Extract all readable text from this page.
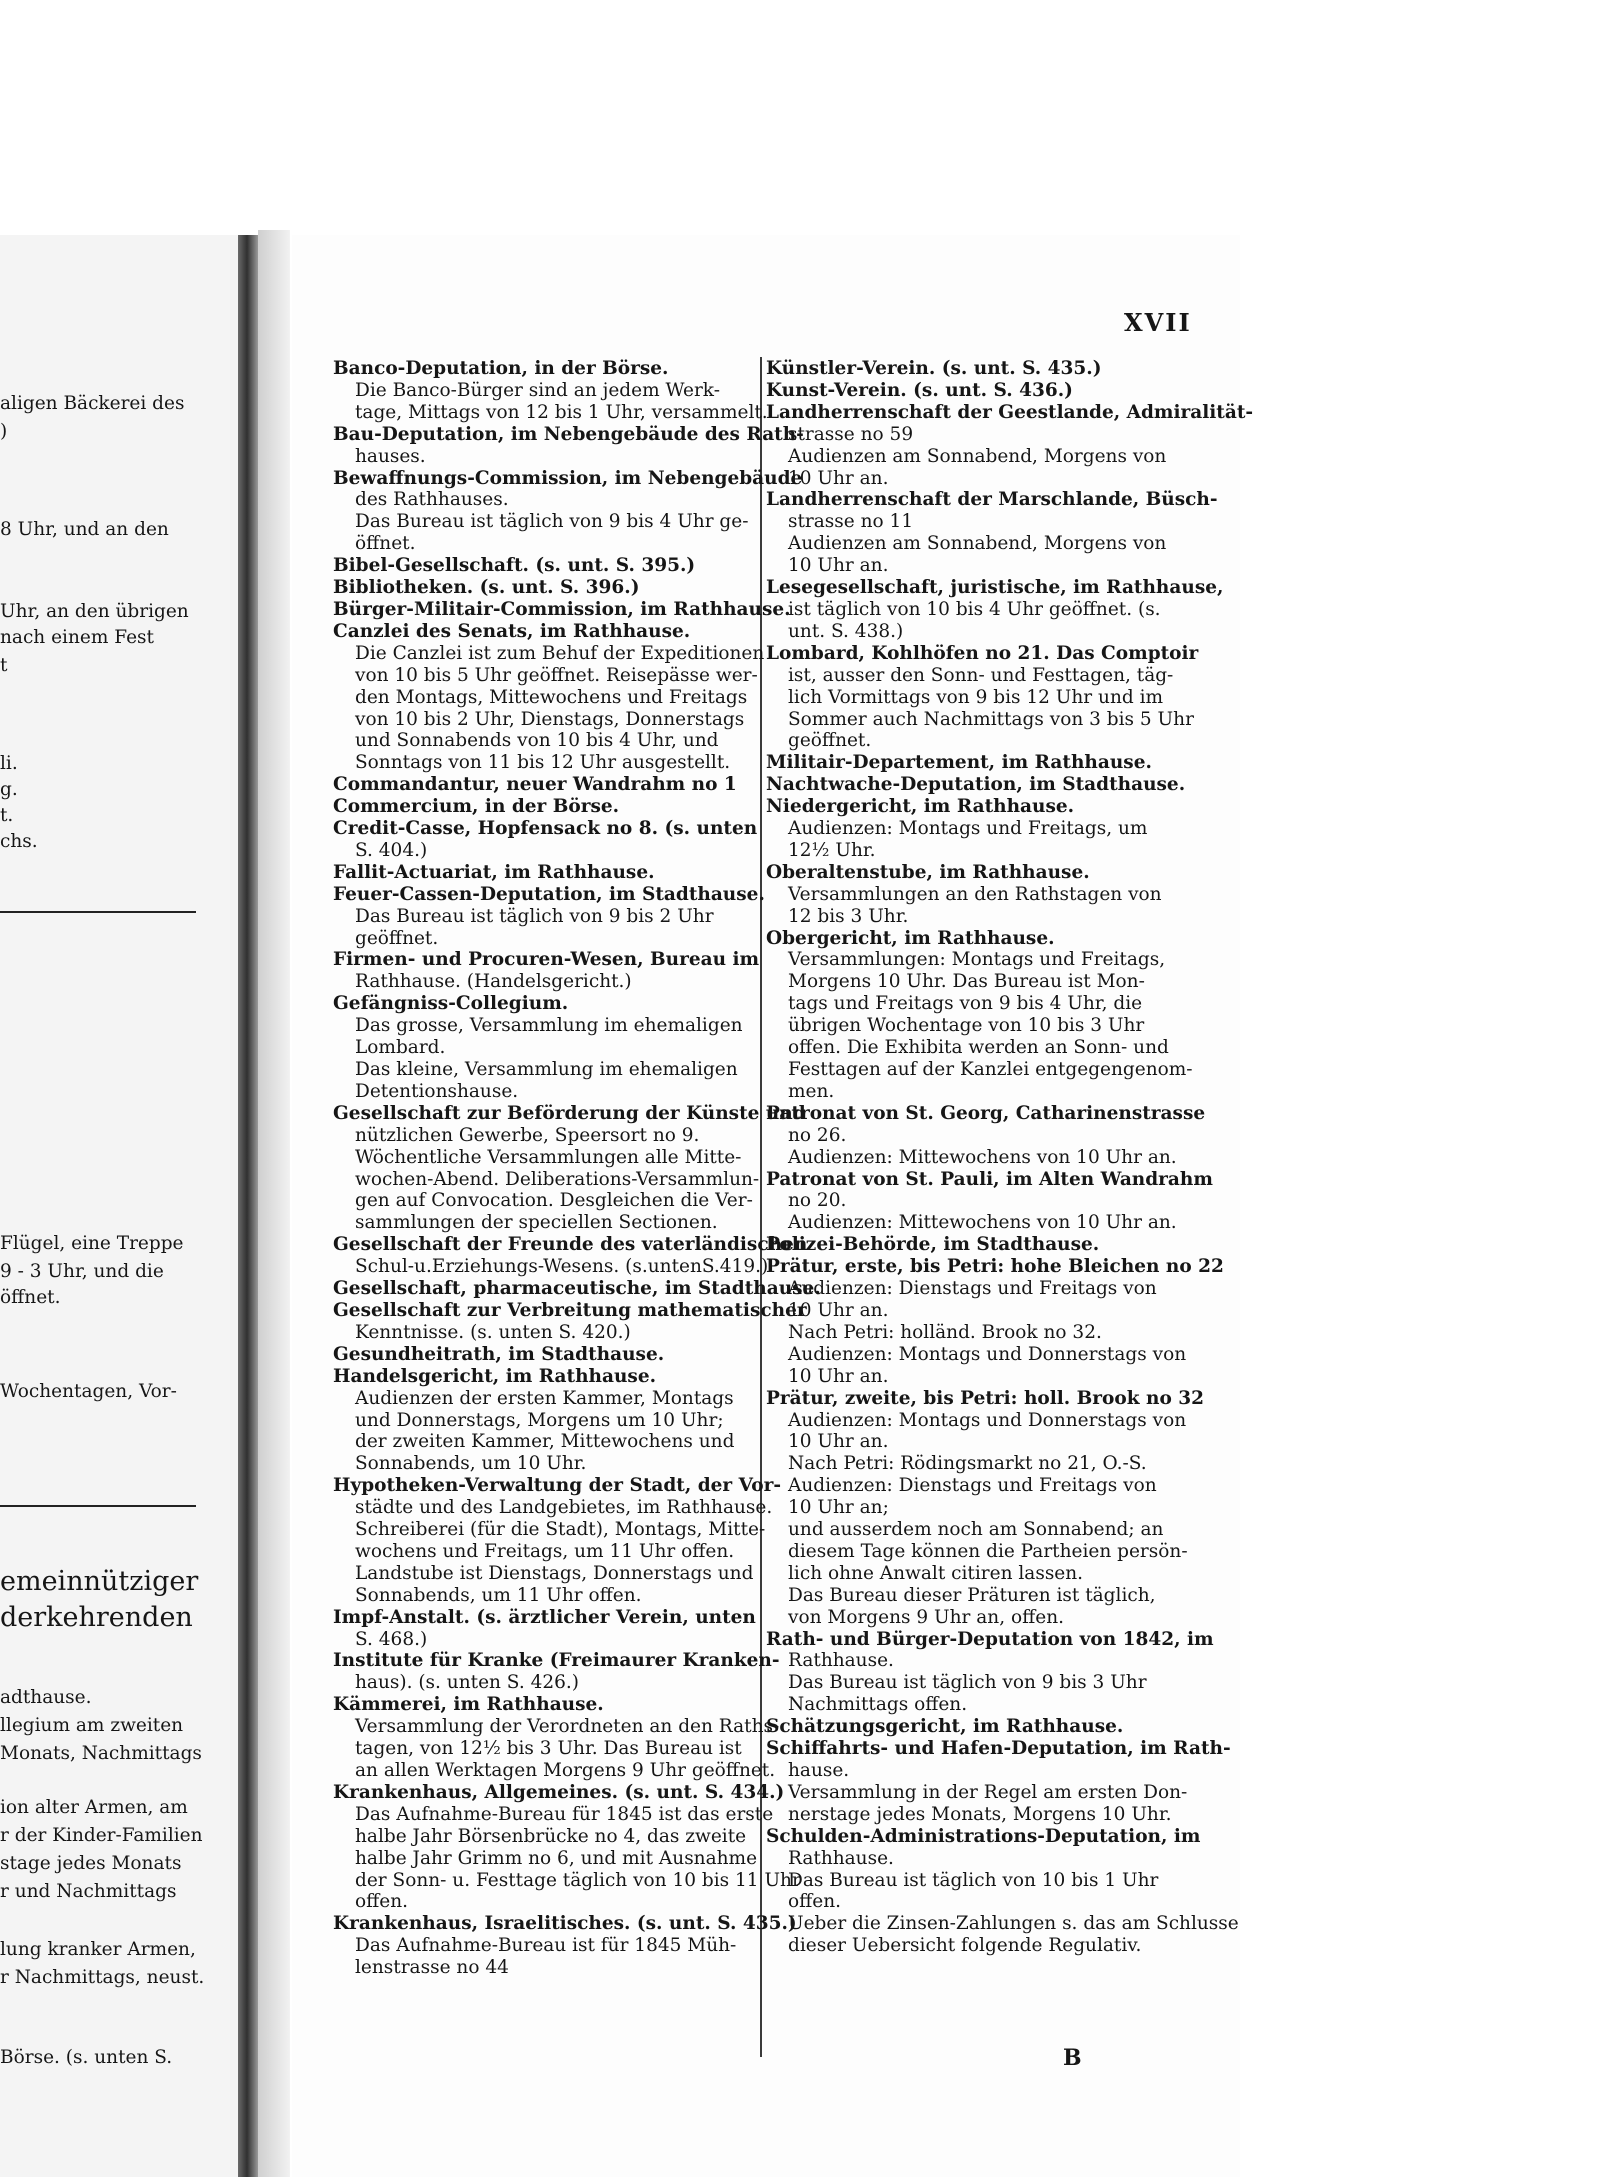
aligen Bäckerei des
)
8 Uhr, und an den
Uhr, an den übrigen
nach einem Fest
t
li.
g.
t.
chs.
Flügel, eine Treppe
9 - 3 Uhr, und die
öffnet.
Wochentagen, Vor-
emeinnütziger
derkehrenden
adthause.
llegium am zweiten
Monats, Nachmittags
ion alter Armen, am
r der Kinder-Familien
stage jedes Monats
r und Nachmittags
lung kranker Armen,
r Nachmittags, neust.
Börse. (s. unten S.
XVII
Banco-Deputation, in der Börse.
Die Banco-Bürger sind an jedem Werk-
tage, Mittags von 12 bis 1 Uhr, versammelt.
Bau-Deputation, im Nebengebäude des Rath-
hauses.
Bewaffnungs-Commission, im Nebengebäude
des Rathhauses.
Das Bureau ist täglich von 9 bis 4 Uhr ge-
öffnet.
Bibel-Gesellschaft. (s. unt. S. 395.)
Bibliotheken. (s. unt. S. 396.)
Bürger-Militair-Commission, im Rathhause.
Canzlei des Senats, im Rathhause.
Die Canzlei ist zum Behuf der Expeditionen
von 10 bis 5 Uhr geöffnet. Reisepässe wer-
den Montags, Mittewochens und Freitags
von 10 bis 2 Uhr, Dienstags, Donnerstags
und Sonnabends von 10 bis 4 Uhr, und
Sonntags von 11 bis 12 Uhr ausgestellt.
Commandantur, neuer Wandrahm no 1
Commercium, in der Börse.
Credit-Casse, Hopfensack no 8. (s. unten
S. 404.)
Fallit-Actuariat, im Rathhause.
Feuer-Cassen-Deputation, im Stadthause.
Das Bureau ist täglich von 9 bis 2 Uhr
geöffnet.
Firmen- und Procuren-Wesen, Bureau im
Rathhause. (Handelsgericht.)
Gefängniss-Collegium.
Das grosse, Versammlung im ehemaligen
Lombard.
Das kleine, Versammlung im ehemaligen
Detentionshause.
Gesellschaft zur Beförderung der Künste und
nützlichen Gewerbe, Speersort no 9.
Wöchentliche Versammlungen alle Mitte-
wochen-Abend. Deliberations-Versammlun-
gen auf Convocation. Desgleichen die Ver-
sammlungen der speciellen Sectionen.
Gesellschaft der Freunde des vaterländischen
Schul-u.Erziehungs-Wesens. (s.untenS.419.)
Gesellschaft, pharmaceutische, im Stadthause.
Gesellschaft zur Verbreitung mathematischer
Kenntnisse. (s. unten S. 420.)
Gesundheitrath, im Stadthause.
Handelsgericht, im Rathhause.
Audienzen der ersten Kammer, Montags
und Donnerstags, Morgens um 10 Uhr;
der zweiten Kammer, Mittewochens und
Sonnabends, um 10 Uhr.
Hypotheken-Verwaltung der Stadt, der Vor-
städte und des Landgebietes, im Rathhause.
Schreiberei (für die Stadt), Montags, Mitte-
wochens und Freitags, um 11 Uhr offen.
Landstube ist Dienstags, Donnerstags und
Sonnabends, um 11 Uhr offen.
Impf-Anstalt. (s. ärztlicher Verein, unten
S. 468.)
Institute für Kranke (Freimaurer Kranken-
haus). (s. unten S. 426.)
Kämmerei, im Rathhause.
Versammlung der Verordneten an den Raths-
tagen, von 12½ bis 3 Uhr. Das Bureau ist
an allen Werktagen Morgens 9 Uhr geöffnet.
Krankenhaus, Allgemeines. (s. unt. S. 434.)
Das Aufnahme-Bureau für 1845 ist das erste
halbe Jahr Börsenbrücke no 4, das zweite
halbe Jahr Grimm no 6, und mit Ausnahme
der Sonn- u. Festtage täglich von 10 bis 11 Uhr
offen.
Krankenhaus, Israelitisches. (s. unt. S. 435.)
Das Aufnahme-Bureau ist für 1845 Müh-
lenstrasse no 44
Künstler-Verein. (s. unt. S. 435.)
Kunst-Verein. (s. unt. S. 436.)
Landherrenschaft der Geestlande, Admiralität-
strasse no 59
Audienzen am Sonnabend, Morgens von
10 Uhr an.
Landherrenschaft der Marschlande, Büsch-
strasse no 11
Audienzen am Sonnabend, Morgens von
10 Uhr an.
Lesegesellschaft, juristische, im Rathhause,
ist täglich von 10 bis 4 Uhr geöffnet. (s.
unt. S. 438.)
Lombard, Kohlhöfen no 21. Das Comptoir
ist, ausser den Sonn- und Festtagen, täg-
lich Vormittags von 9 bis 12 Uhr und im
Sommer auch Nachmittags von 3 bis 5 Uhr
geöffnet.
Militair-Departement, im Rathhause.
Nachtwache-Deputation, im Stadthause.
Niedergericht, im Rathhause.
Audienzen: Montags und Freitags, um
12½ Uhr.
Oberaltenstube, im Rathhause.
Versammlungen an den Rathstagen von
12 bis 3 Uhr.
Obergericht, im Rathhause.
Versammlungen: Montags und Freitags,
Morgens 10 Uhr. Das Bureau ist Mon-
tags und Freitags von 9 bis 4 Uhr, die
übrigen Wochentage von 10 bis 3 Uhr
offen. Die Exhibita werden an Sonn- und
Festtagen auf der Kanzlei entgegengenom-
men.
Patronat von St. Georg, Catharinenstrasse
no 26.
Audienzen: Mittewochens von 10 Uhr an.
Patronat von St. Pauli, im Alten Wandrahm
no 20.
Audienzen: Mittewochens von 10 Uhr an.
Polizei-Behörde, im Stadthause.
Prätur, erste, bis Petri: hohe Bleichen no 22
Audienzen: Dienstags und Freitags von
10 Uhr an.
Nach Petri: holländ. Brook no 32.
Audienzen: Montags und Donnerstags von
10 Uhr an.
Prätur, zweite, bis Petri: holl. Brook no 32
Audienzen: Montags und Donnerstags von
10 Uhr an.
Nach Petri: Rödingsmarkt no 21, O.-S.
Audienzen: Dienstags und Freitags von
10 Uhr an;
und ausserdem noch am Sonnabend; an
diesem Tage können die Partheien persön-
lich ohne Anwalt citiren lassen.
Das Bureau dieser Präturen ist täglich,
von Morgens 9 Uhr an, offen.
Rath- und Bürger-Deputation von 1842, im
Rathhause.
Das Bureau ist täglich von 9 bis 3 Uhr
Nachmittags offen.
Schätzungsgericht, im Rathhause.
Schiffahrts- und Hafen-Deputation, im Rath-
hause.
Versammlung in der Regel am ersten Don-
nerstage jedes Monats, Morgens 10 Uhr.
Schulden-Administrations-Deputation, im
Rathhause.
Das Bureau ist täglich von 10 bis 1 Uhr
offen.
Ueber die Zinsen-Zahlungen s. das am Schlusse
dieser Uebersicht folgende Regulativ.
B
